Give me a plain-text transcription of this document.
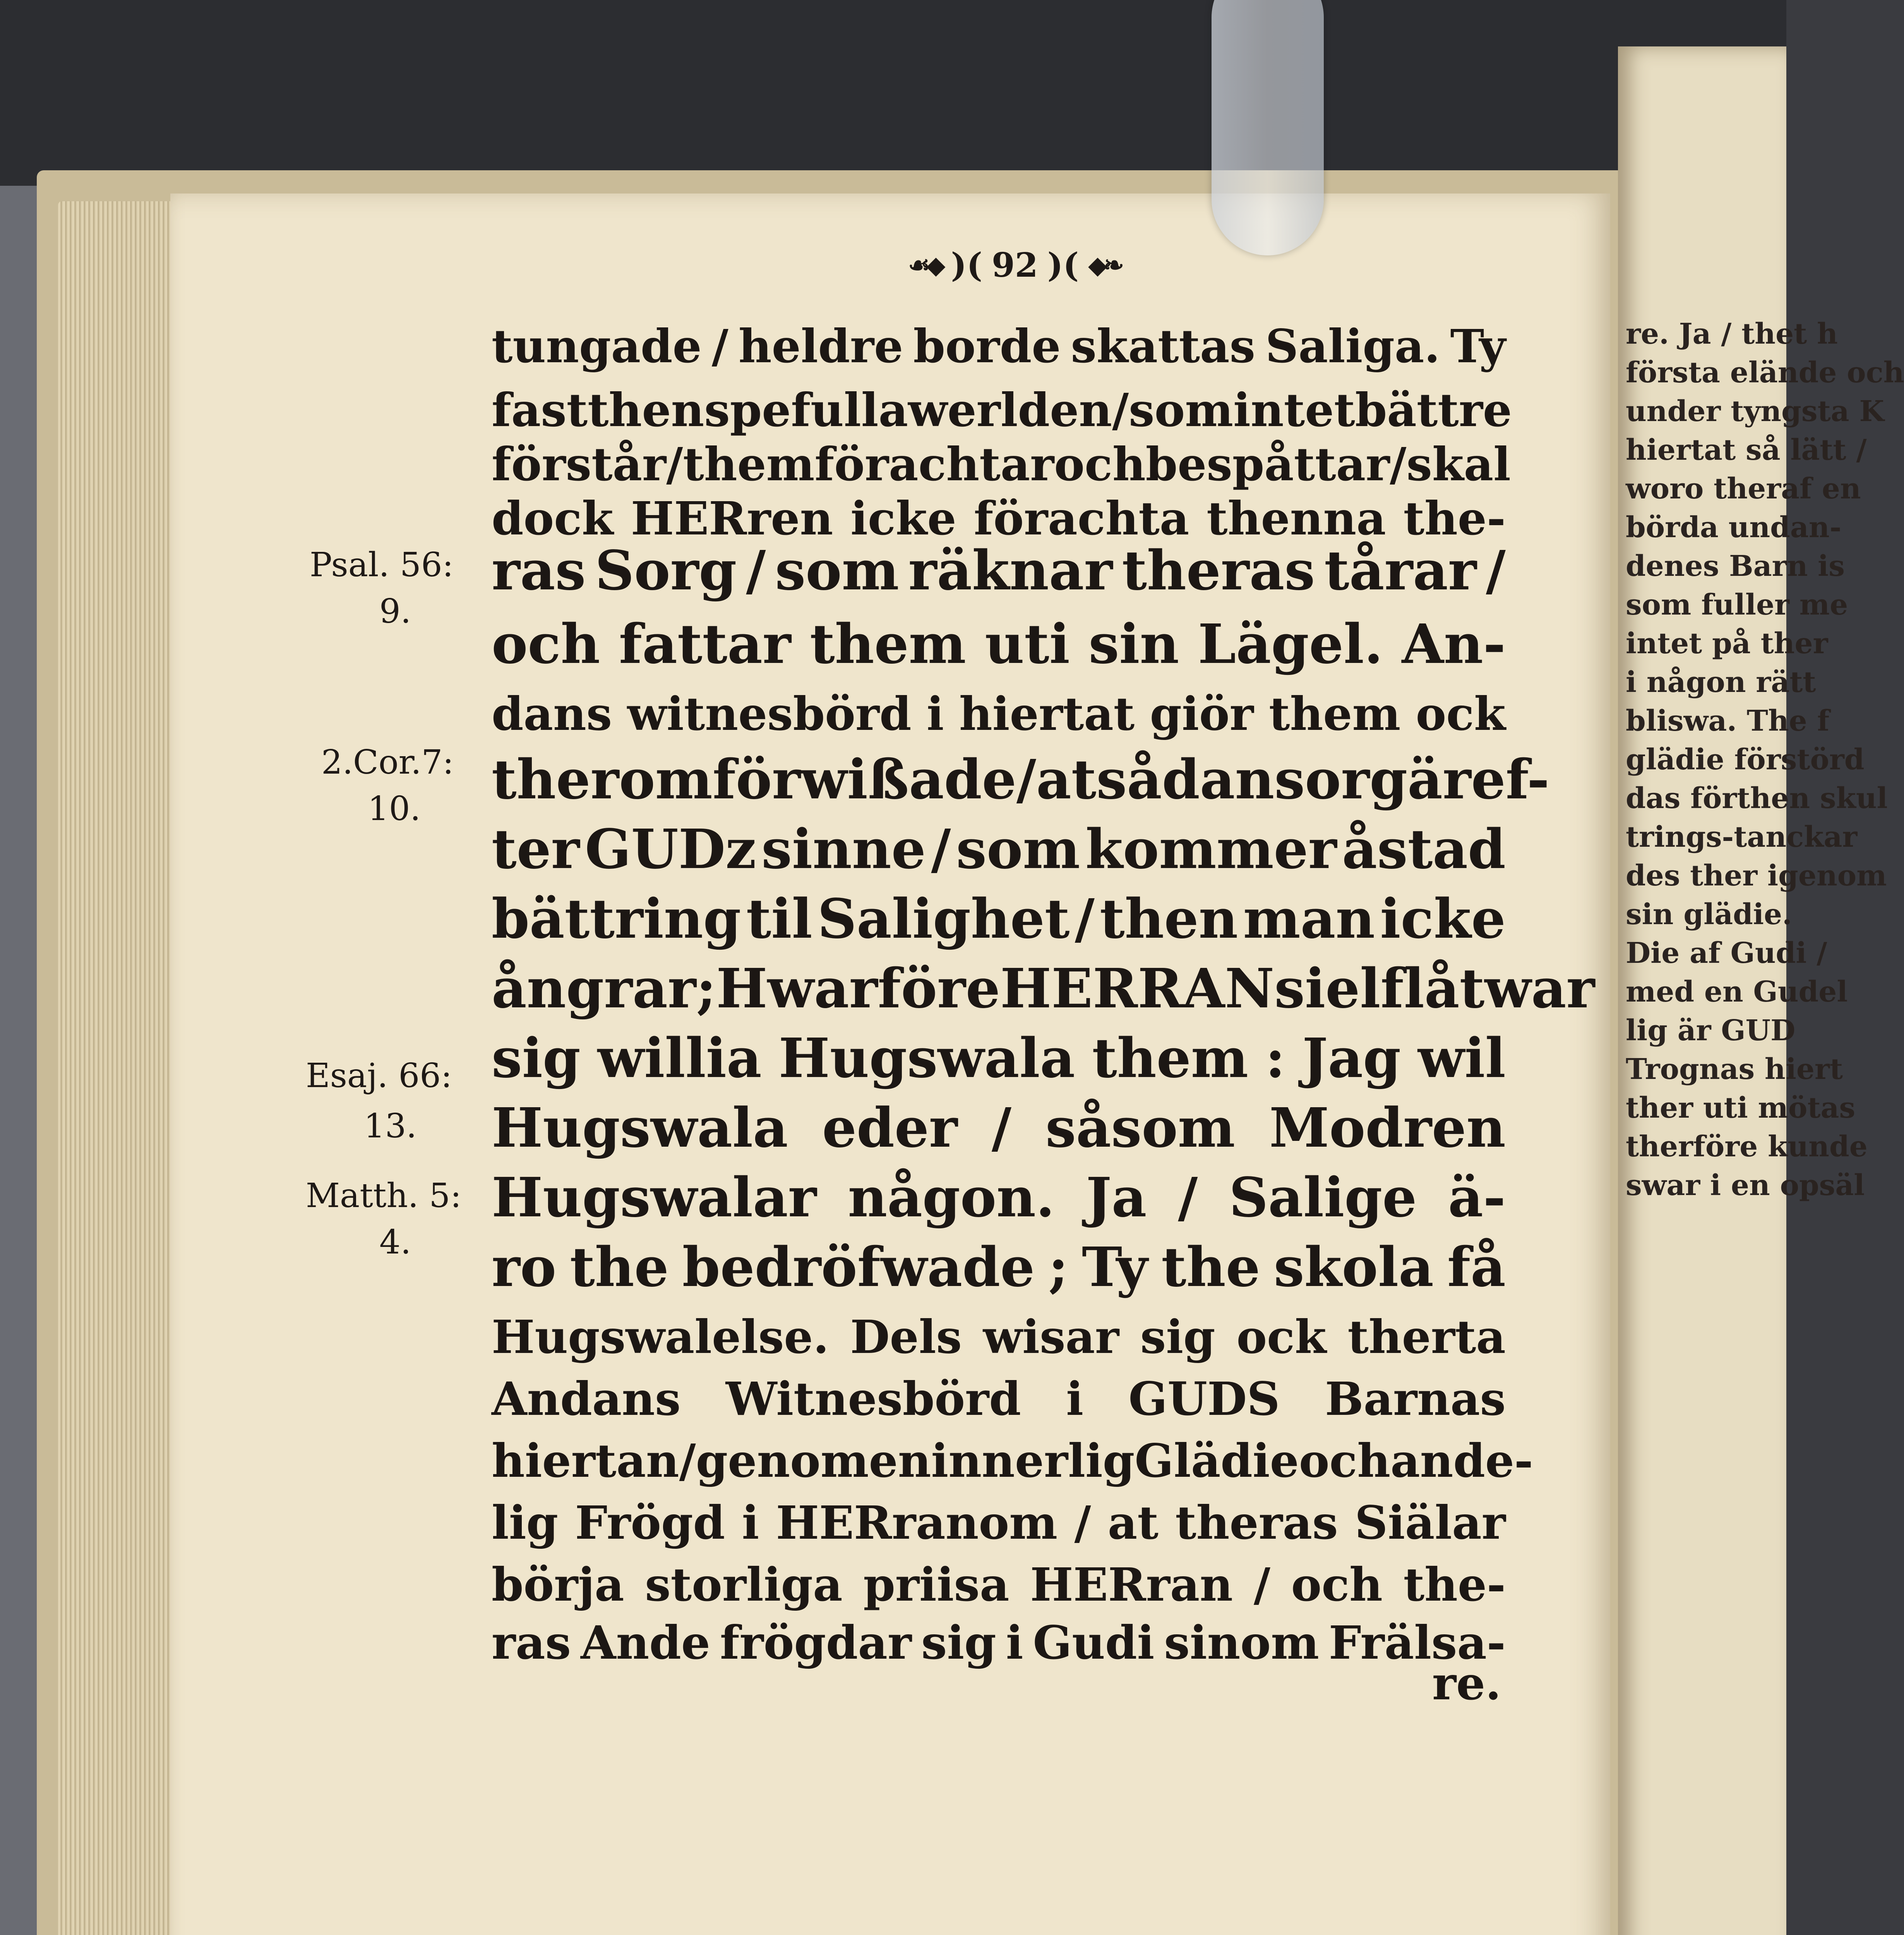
☙◆ )( 92 )( ◆❧
tungade / heldre borde skattas Saliga. Ty
fast then spefulla werlden / som intet bättre
förstår / them förachtar och bespåttar / skal
dock HERren icke förachta thenna the-
ras Sorg / som räknar theras tårar /
och fattar them uti sin Lägel. An-
dans witnesbörd i hiertat giör them ock
therom förwißade / at sådan sorg är ef-
ter GUDz sinne / som kommer åstad
bättring til Salighet / then man icke
ångrar ; Hwarföre HERRAN sielf låtwar
sig willia Hugswala them : Jag wil
Hugswala eder / såsom Modren
Hugswalar någon. Ja / Salige ä-
ro the bedröfwade ; Ty the skola få
Hugswalelse. Dels wisar sig ock therta
Andans Witnesbörd i GUDS Barnas
hiertan / genom en innerlig Glädie och ande-
lig Frögd i HERranom / at theras Siälar
börja storliga priisa HERran / och the-
ras Ande frögdar sig i Gudi sinom Frälsa-
re.
Psal. 56:
9.
2.Cor.7:
10.
Esaj. 66:
13.
Matth. 5:
4.
re. Ja / thet h
första elände och
under tyngsta K
hiertat så lätt /
woro theraf en
börda undan-
denes Barn is
som fuller me
intet på ther
i någon rätt
bliswa. The f
glädie förstörd
das förthen skul
trings-tanckar
des ther igenom
sin glädie.
Die af Gudi /
med en Gudel
lig är GUD
Trognas hiert
ther uti mötas
therföre kunde
swar i en opsäl
